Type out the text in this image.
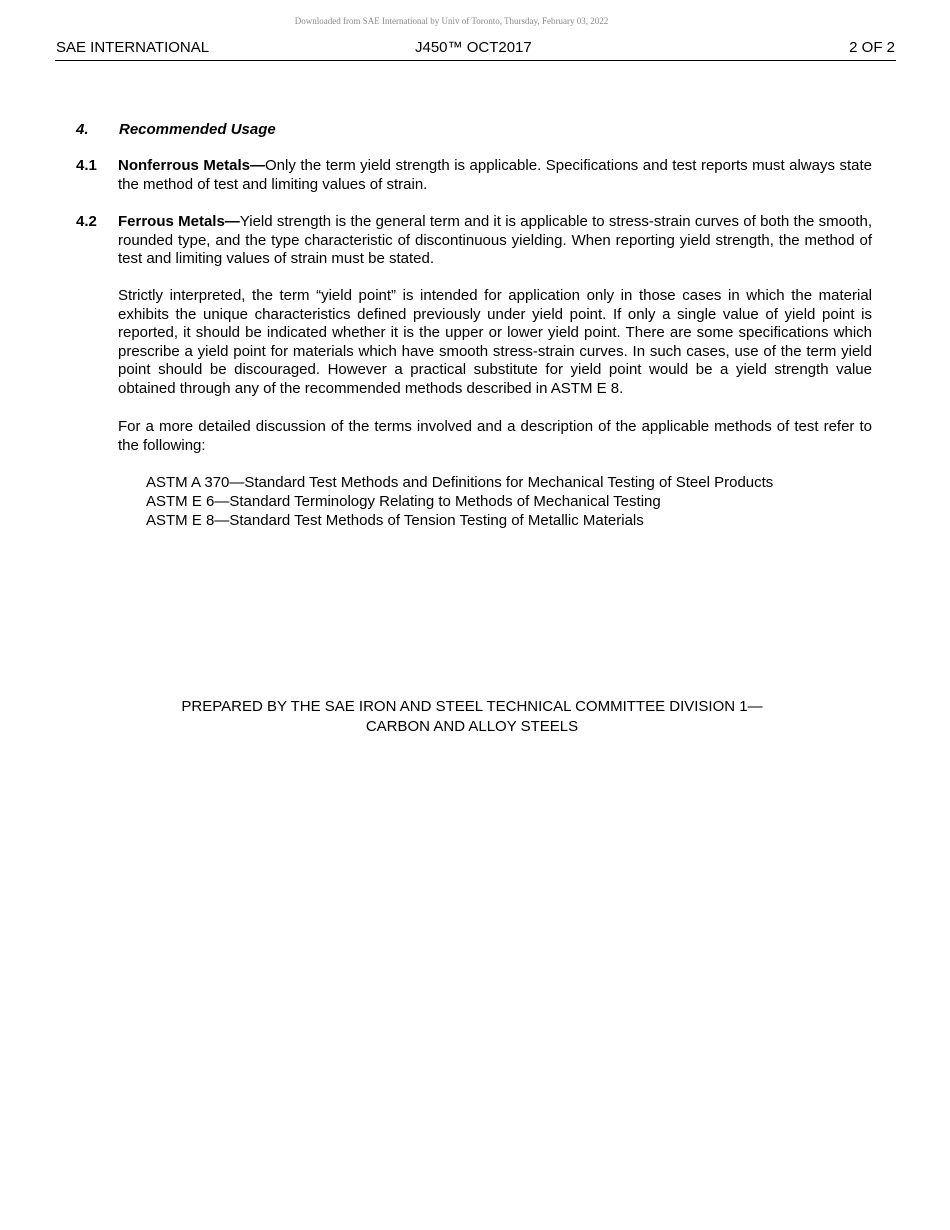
Downloaded from SAE International by Univ of Toronto, Thursday, February 03, 2022
SAE INTERNATIONAL	J450™ OCT2017	2 OF 2
4. Recommended Usage
4.1 Nonferrous Metals—Only the term yield strength is applicable. Specifications and test reports must always state the method of test and limiting values of strain.
4.2 Ferrous Metals—Yield strength is the general term and it is applicable to stress-strain curves of both the smooth, rounded type, and the type characteristic of discontinuous yielding. When reporting yield strength, the method of test and limiting values of strain must be stated.
Strictly interpreted, the term “yield point” is intended for application only in those cases in which the material exhibits the unique characteristics defined previously under yield point. If only a single value of yield point is reported, it should be indicated whether it is the upper or lower yield point. There are some specifications which prescribe a yield point for materials which have smooth stress-strain curves. In such cases, use of the term yield point should be discouraged. However a practical substitute for yield point would be a yield strength value obtained through any of the recommended methods described in ASTM E 8.
For a more detailed discussion of the terms involved and a description of the applicable methods of test refer to the following:
ASTM A 370—Standard Test Methods and Definitions for Mechanical Testing of Steel Products
ASTM E 6—Standard Terminology Relating to Methods of Mechanical Testing
ASTM E 8—Standard Test Methods of Tension Testing of Metallic Materials
PREPARED BY THE SAE IRON AND STEEL TECHNICAL COMMITTEE DIVISION 1—
CARBON AND ALLOY STEELS
